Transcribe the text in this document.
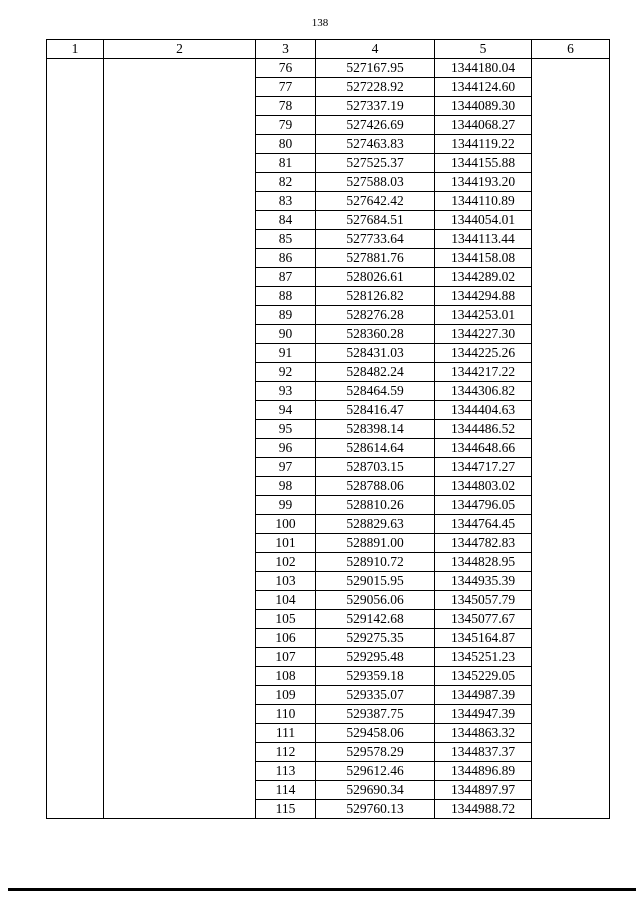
138
1	2	3	4	5	6
		76	527167.95	1344180.04	
		77	527228.92	1344124.60	
		78	527337.19	1344089.30	
		79	527426.69	1344068.27	
		80	527463.83	1344119.22	
		81	527525.37	1344155.88	
		82	527588.03	1344193.20	
		83	527642.42	1344110.89	
		84	527684.51	1344054.01	
		85	527733.64	1344113.44	
		86	527881.76	1344158.08	
		87	528026.61	1344289.02	
		88	528126.82	1344294.88	
		89	528276.28	1344253.01	
		90	528360.28	1344227.30	
		91	528431.03	1344225.26	
		92	528482.24	1344217.22	
		93	528464.59	1344306.82	
		94	528416.47	1344404.63	
		95	528398.14	1344486.52	
		96	528614.64	1344648.66	
		97	528703.15	1344717.27	
		98	528788.06	1344803.02	
		99	528810.26	1344796.05	
		100	528829.63	1344764.45	
		101	528891.00	1344782.83	
		102	528910.72	1344828.95	
		103	529015.95	1344935.39	
		104	529056.06	1345057.79	
		105	529142.68	1345077.67	
		106	529275.35	1345164.87	
		107	529295.48	1345251.23	
		108	529359.18	1345229.05	
		109	529335.07	1344987.39	
		110	529387.75	1344947.39	
		111	529458.06	1344863.32	
		112	529578.29	1344837.37	
		113	529612.46	1344896.89	
		114	529690.34	1344897.97	
		115	529760.13	1344988.72	
